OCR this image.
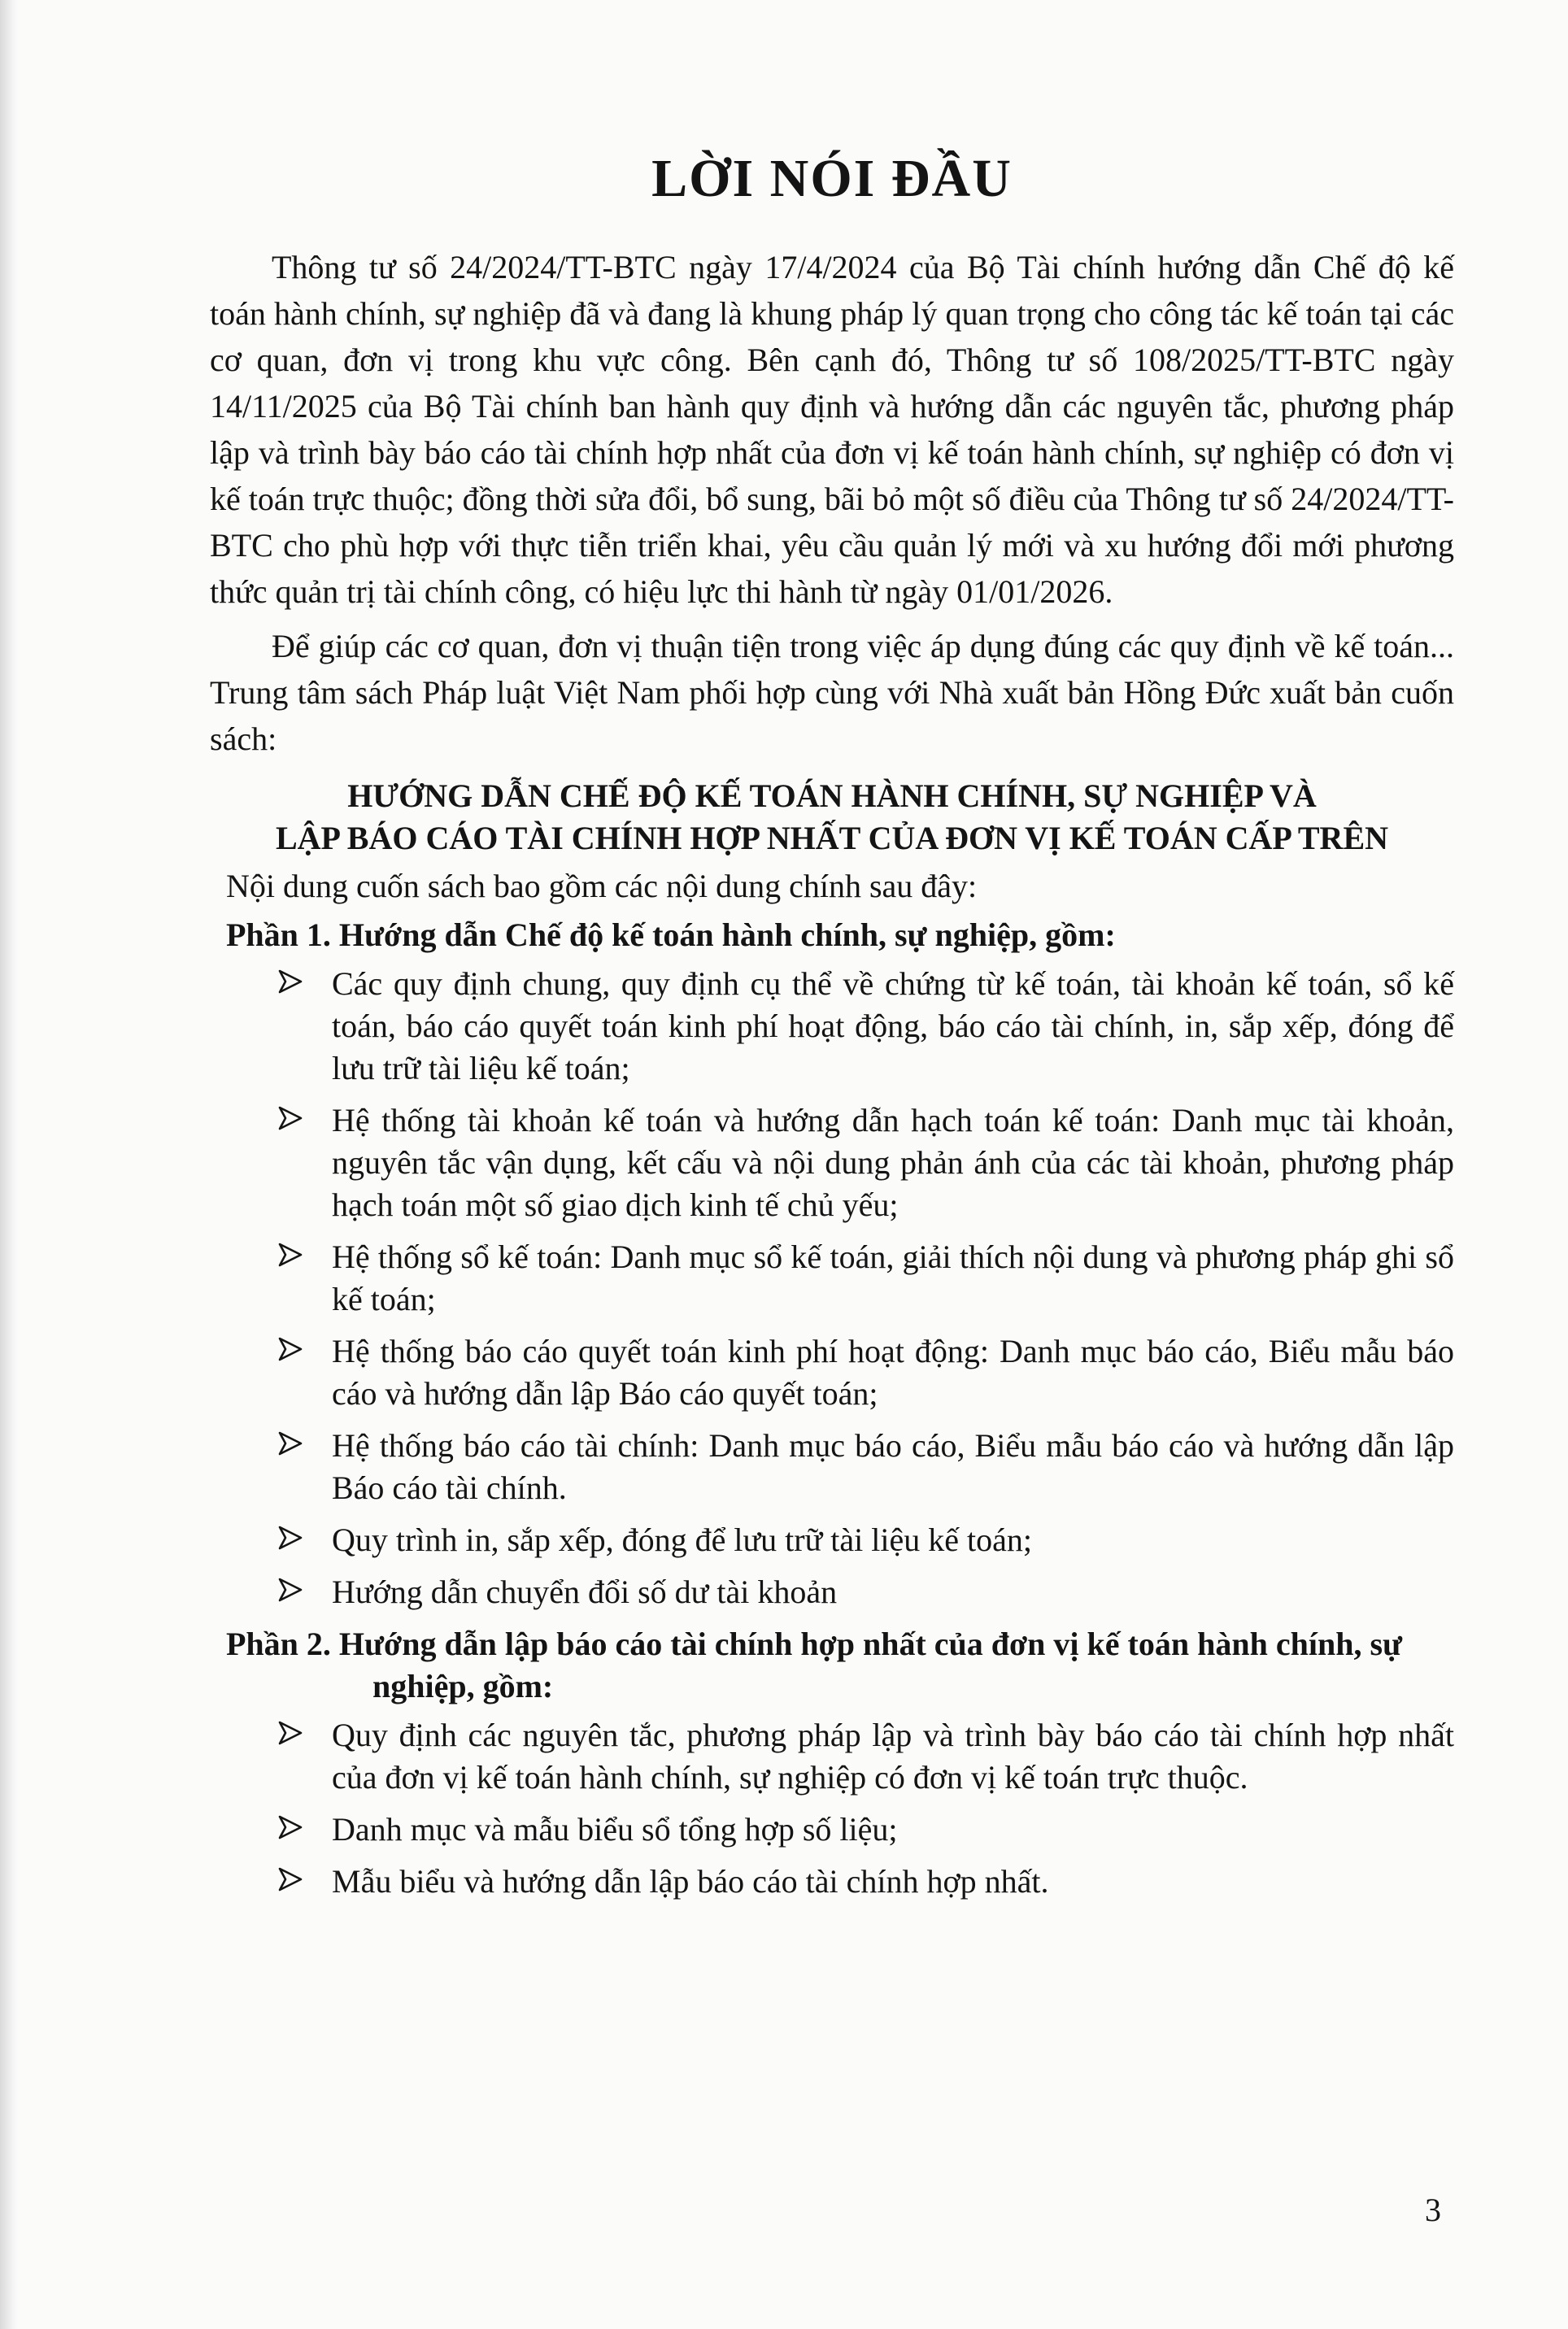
LỜI NÓI ĐẦU

Thông tư số 24/2024/TT-BTC ngày 17/4/2024 của Bộ Tài chính hướng dẫn Chế độ kế toán hành chính, sự nghiệp đã và đang là khung pháp lý quan trọng cho công tác kế toán tại các cơ quan, đơn vị trong khu vực công. Bên cạnh đó, Thông tư số 108/2025/TT-BTC ngày 14/11/2025 của Bộ Tài chính ban hành quy định và hướng dẫn các nguyên tắc, phương pháp lập và trình bày báo cáo tài chính hợp nhất của đơn vị kế toán hành chính, sự nghiệp có đơn vị kế toán trực thuộc; đồng thời sửa đổi, bổ sung, bãi bỏ một số điều của Thông tư số 24/2024/TT-BTC cho phù hợp với thực tiễn triển khai, yêu cầu quản lý mới và xu hướng đổi mới phương thức quản trị tài chính công, có hiệu lực thi hành từ ngày 01/01/2026.

Để giúp các cơ quan, đơn vị thuận tiện trong việc áp dụng đúng các quy định về kế toán... Trung tâm sách Pháp luật Việt Nam phối hợp cùng với Nhà xuất bản Hồng Đức xuất bản cuốn sách:

HƯỚNG DẪN CHẾ ĐỘ KẾ TOÁN HÀNH CHÍNH, SỰ NGHIỆP VÀ
LẬP BÁO CÁO TÀI CHÍNH HỢP NHẤT CỦA ĐƠN VỊ KẾ TOÁN CẤP TRÊN

Nội dung cuốn sách bao gồm các nội dung chính sau đây:

Phần 1. Hướng dẫn Chế độ kế toán hành chính, sự nghiệp, gồm:
Các quy định chung, quy định cụ thể về chứng từ kế toán, tài khoản kế toán, sổ kế toán, báo cáo quyết toán kinh phí hoạt động, báo cáo tài chính, in, sắp xếp, đóng để lưu trữ tài liệu kế toán;
Hệ thống tài khoản kế toán và hướng dẫn hạch toán kế toán: Danh mục tài khoản, nguyên tắc vận dụng, kết cấu và nội dung phản ánh của các tài khoản, phương pháp hạch toán một số giao dịch kinh tế chủ yếu;
Hệ thống sổ kế toán: Danh mục sổ kế toán, giải thích nội dung và phương pháp ghi sổ kế toán;
Hệ thống báo cáo quyết toán kinh phí hoạt động: Danh mục báo cáo, Biểu mẫu báo cáo và hướng dẫn lập Báo cáo quyết toán;
Hệ thống báo cáo tài chính: Danh mục báo cáo, Biểu mẫu báo cáo và hướng dẫn lập Báo cáo tài chính.
Quy trình in, sắp xếp, đóng để lưu trữ tài liệu kế toán;
Hướng dẫn chuyển đổi số dư tài khoản
Phần 2. Hướng dẫn lập báo cáo tài chính hợp nhất của đơn vị kế toán hành chính, sự nghiệp, gồm:
Quy định các nguyên tắc, phương pháp lập và trình bày báo cáo tài chính hợp nhất của đơn vị kế toán hành chính, sự nghiệp có đơn vị kế toán trực thuộc.
Danh mục và mẫu biểu sổ tổng hợp số liệu;
Mẫu biểu và hướng dẫn lập báo cáo tài chính hợp nhất.
3
